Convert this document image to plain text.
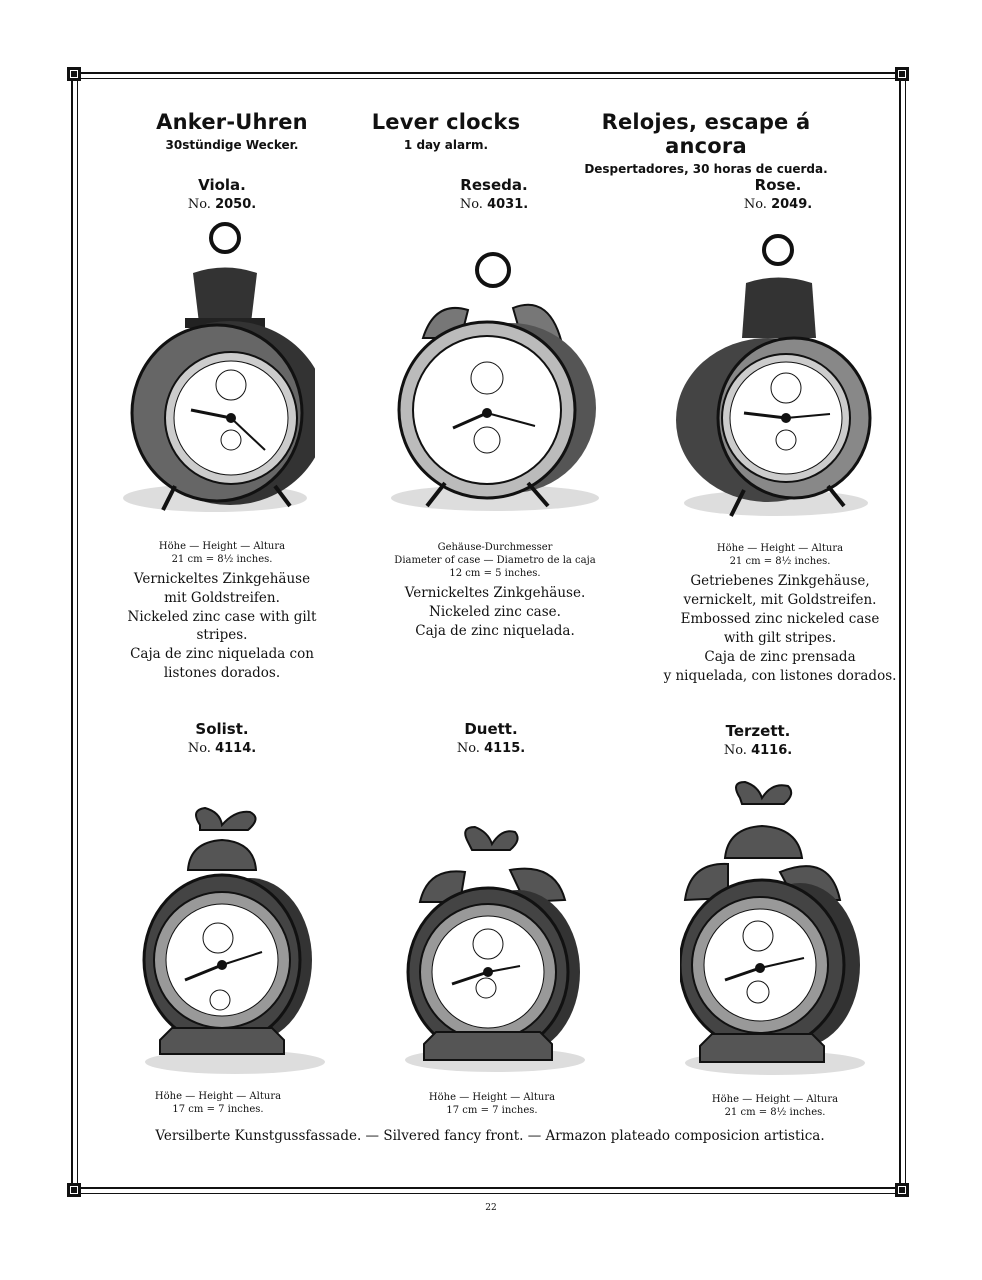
Anker-Uhren
30stündige Wecker.
Lever clocks
1 day alarm.
Relojes, escape á ancora
Despertadores, 30 horas de cuerda.
Viola.
No. 2050.
Reseda.
No. 4031.
Rose.
No. 2049.
Höhe — Height — Altura
21 cm = 8½ inches.
Vernickeltes Zinkgehäuse
mit Goldstreifen.
Nickeled zinc case with gilt stripes.
Caja de zinc niquelada con
listones dorados.
Gehäuse-Durchmesser
Diameter of case — Diametro de la caja
12 cm = 5 inches.
Vernickeltes Zinkgehäuse.
Nickeled zinc case.
Caja de zinc niquelada.
Höhe — Height — Altura
21 cm = 8½ inches.
Getriebenes Zinkgehäuse,
vernickelt, mit Goldstreifen.
Embossed zinc nickeled case
with gilt stripes.
Caja de zinc prensada
y niquelada, con listones dorados.
Solist.
No. 4114.
Duett.
No. 4115.
Terzett.
No. 4116.
Höhe — Height — Altura
17 cm = 7 inches.
Höhe — Height — Altura
17 cm = 7 inches.
Höhe — Height — Altura
21 cm = 8½ inches.
Versilberte Kunstgussfassade. — Silvered fancy front. — Armazon plateado composicion artistica.
22
